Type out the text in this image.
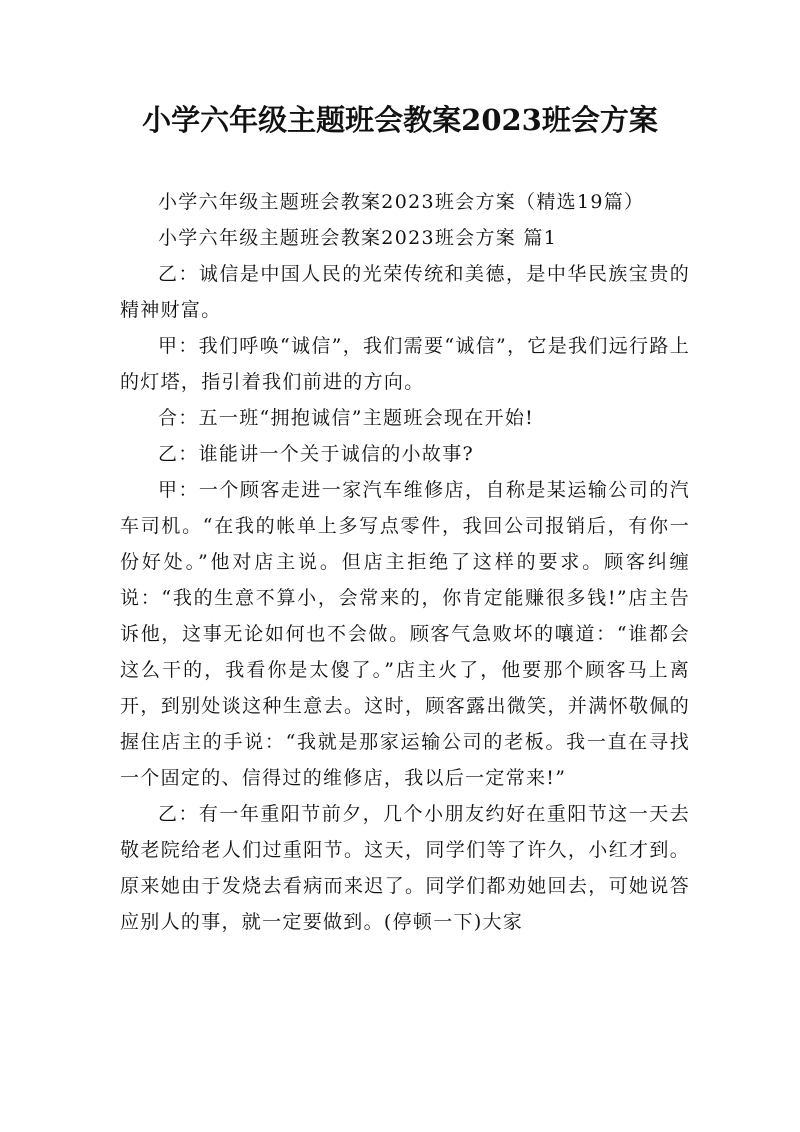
小学六年级主题班会教案2023班会方案

小学六年级主题班会教案2023班会方案（精选19篇）

小学六年级主题班会教案2023班会方案 篇1

乙：诚信是中国人民的光荣传统和美德，是中华民族宝贵的精神财富。

甲：我们呼唤“诚信”，我们需要“诚信”，它是我们远行路上的灯塔，指引着我们前进的方向。

合：五一班“拥抱诚信”主题班会现在开始!

乙：谁能讲一个关于诚信的小故事?

甲：一个顾客走进一家汽车维修店，自称是某运输公司的汽车司机。“在我的帐单上多写点零件，我回公司报销后，有你一份好处。”他对店主说。但店主拒绝了这样的要求。顾客纠缠说：“我的生意不算小，会常来的，你肯定能赚很多钱!”店主告诉他，这事无论如何也不会做。顾客气急败坏的嚷道：“谁都会这么干的，我看你是太傻了。”店主火了，他要那个顾客马上离开，到别处谈这种生意去。这时，顾客露出微笑，并满怀敬佩的握住店主的手说：“我就是那家运输公司的老板。我一直在寻找一个固定的、信得过的维修店，我以后一定常来!”

乙：有一年重阳节前夕，几个小朋友约好在重阳节这一天去敬老院给老人们过重阳节。这天，同学们等了许久，小红才到。原来她由于发烧去看病而来迟了。同学们都劝她回去，可她说答应别人的事，就一定要做到。(停顿一下)大家
